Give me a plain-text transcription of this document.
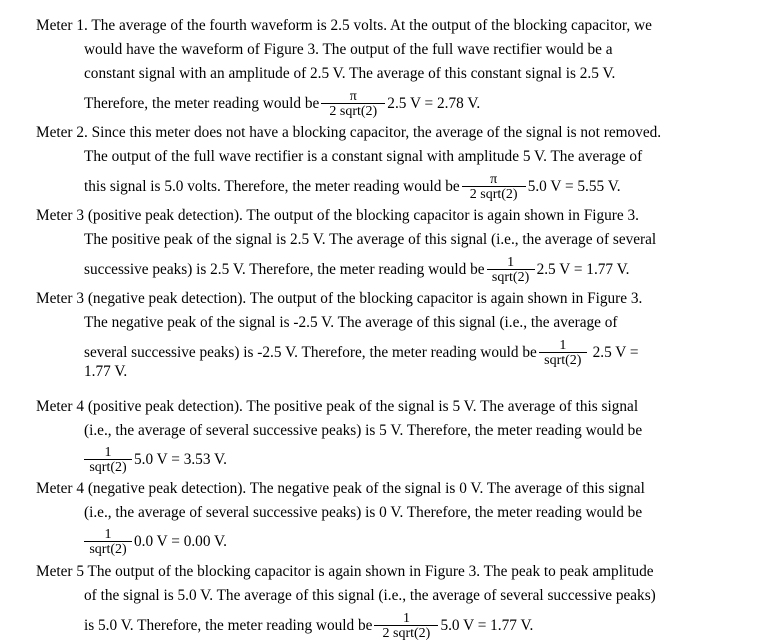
Meter 1. The average of the fourth waveform is 2.5 volts. At the output of the blocking capacitor, we
would have the waveform of Figure 3. The output of the full wave rectifier would be a
constant signal with an amplitude of 2.5 V. The average of this constant signal is 2.5 V.
Therefore, the meter reading would be $\frac{\pi}{\text{2 sqrt(2)}} 2.5$ V = 2.78 V.
Meter 2. Since this meter does not have a blocking capacitor, the average of the signal is not removed.
The output of the full wave rectifier is a constant signal with amplitude 5 V. The average of
this signal is 5.0 volts. Therefore, the meter reading would be $\frac{\pi}{\text{2 sqrt(2)}} 5.0$ V = 5.55 V.
Meter 3 (positive peak detection). The output of the blocking capacitor is again shown in Figure 3.
The positive peak of the signal is 2.5 V. The average of this signal (i.e., the average of several
successive peaks) is 2.5 V. Therefore, the meter reading would be $\frac{1}{\text{sqrt(2)}} 2.5$ V = 1.77 V.
Meter 3 (negative peak detection). The output of the blocking capacitor is again shown in Figure 3.
The negative peak of the signal is -2.5 V. The average of this signal (i.e., the average of
several successive peaks) is -2.5 V. Therefore, the meter reading would be $\frac{1}{\text{sqrt(2)}} 2.5$ V =
1.77 V.
Meter 4 (positive peak detection). The positive peak of the signal is 5 V. The average of this signal
(i.e., the average of several successive peaks) is 5 V. Therefore, the meter reading would be
$\frac{1}{\text{sqrt(2)}} 5.0$ V = 3.53 V.
Meter 4 (negative peak detection). The negative peak of the signal is 0 V. The average of this signal
(i.e., the average of several successive peaks) is 0 V. Therefore, the meter reading would be
$\frac{1}{\text{sqrt(2)}} 0.0$ V = 0.00 V.
Meter 5 The output of the blocking capacitor is again shown in Figure 3. The peak to peak amplitude
of the signal is 5.0 V. The average of this signal (i.e., the average of several successive peaks)
is 5.0 V. Therefore, the meter reading would be $\frac{1}{\text{2 sqrt(2)}} 5.0$ V = 1.77 V.
